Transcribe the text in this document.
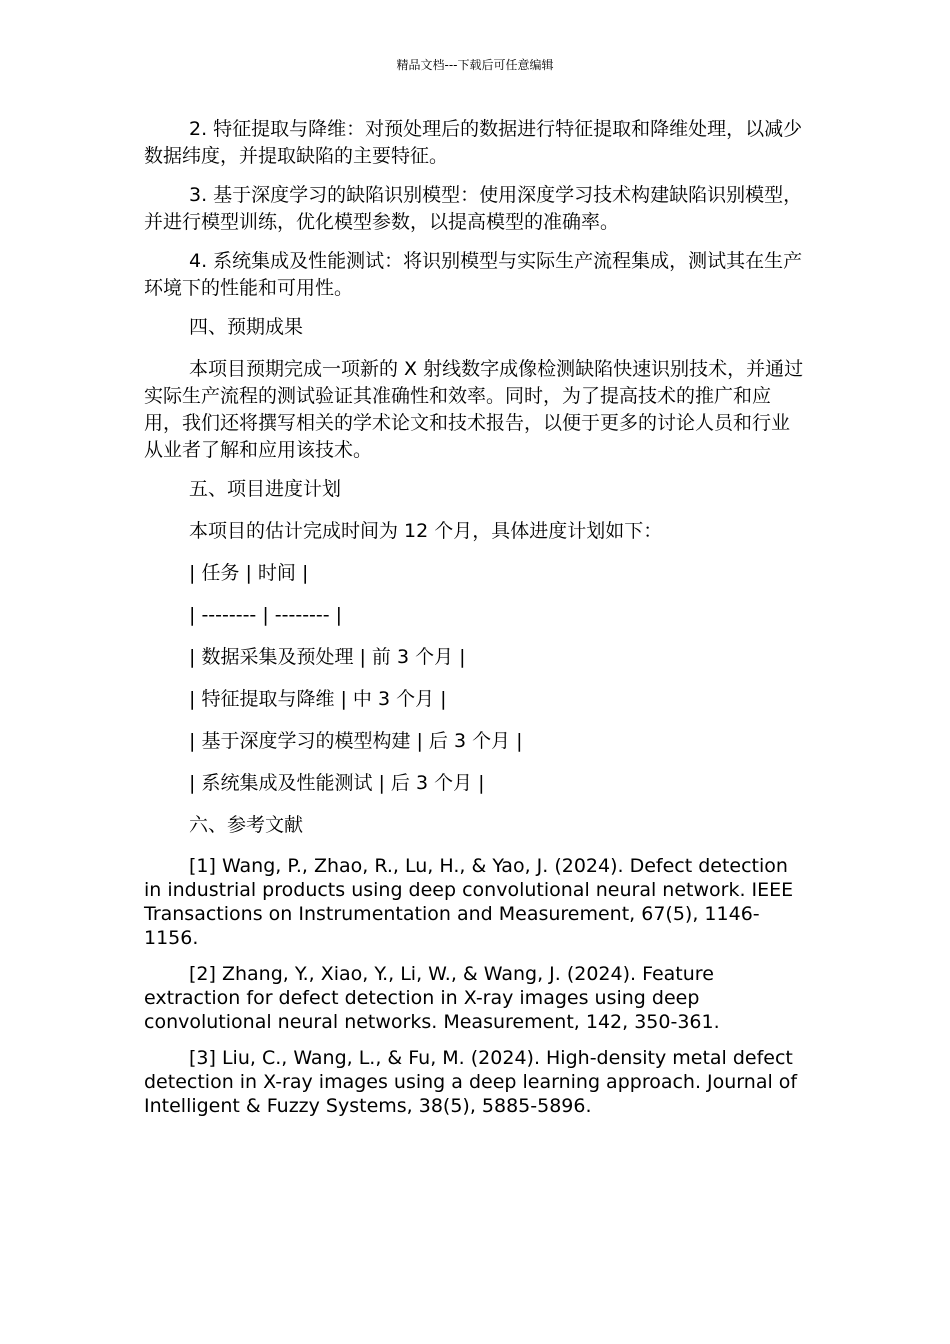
精品文档---下载后可任意编辑

2. 特征提取与降维：对预处理后的数据进行特征提取和降维处理，以减少数据纬度，并提取缺陷的主要特征。

3. 基于深度学习的缺陷识别模型：使用深度学习技术构建缺陷识别模型，并进行模型训练，优化模型参数，以提高模型的准确率。

4. 系统集成及性能测试：将识别模型与实际生产流程集成，测试其在生产环境下的性能和可用性。

四、预期成果

本项目预期完成一项新的 X 射线数字成像检测缺陷快速识别技术，并通过实际生产流程的测试验证其准确性和效率。同时，为了提高技术的推广和应用，我们还将撰写相关的学术论文和技术报告，以便于更多的讨论人员和行业从业者了解和应用该技术。

五、项目进度计划

本项目的估计完成时间为 12 个月，具体进度计划如下：

| 任务 | 时间 |

| -------- | -------- |

| 数据采集及预处理 | 前 3 个月 |

| 特征提取与降维 | 中 3 个月 |

| 基于深度学习的模型构建 | 后 3 个月 |

| 系统集成及性能测试 | 后 3 个月 |

六、参考文献

[1] Wang, P., Zhao, R., Lu, H., & Yao, J. (2024). Defect detection in industrial products using deep convolutional neural network. IEEE Transactions on Instrumentation and Measurement, 67(5), 1146-1156.

[2] Zhang, Y., Xiao, Y., Li, W., & Wang, J. (2024). Feature extraction for defect detection in X-ray images using deep convolutional neural networks. Measurement, 142, 350-361.

[3] Liu, C., Wang, L., & Fu, M. (2024). High-density metal defect detection in X-ray images using a deep learning approach. Journal of Intelligent & Fuzzy Systems, 38(5), 5885-5896.
